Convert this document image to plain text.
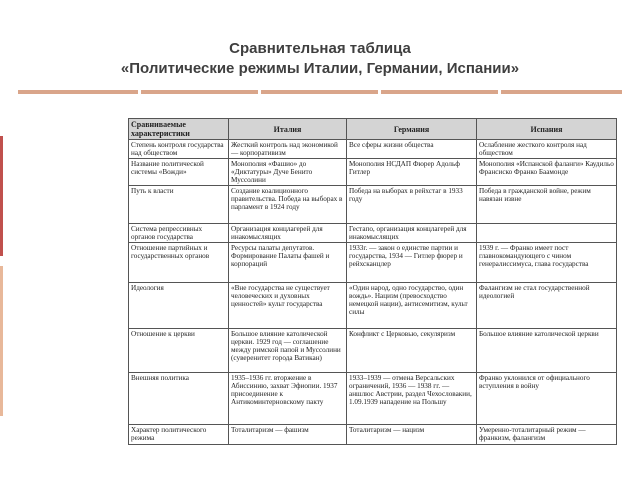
Сравнительная таблица
«Политические режимы Италии, Германии, Испании»
Сравниваемые характеристики	Италия	Германия	Испания
Степень контроля государства над обществом	Жесткий контроль над экономикой — корпоративизм	Все сферы жизни общества	Ослабление жесткого контроля над обществом
Название политической системы «Вожди»	Монополия «Фашио» до «Диктатуры» Дуче Бенито Муссолини	Монополия НСДАП Фюрер Адольф Гитлер	Монополия «Испанской фаланги» Каудильо Франсиско Франко Баамонде
Путь к власти	Создание коалиционного правительства. Победа на выборах в парламент в 1924 году	Победа на выборах в рейхстаг в 1933 году	Победа в гражданской войне, режим навязан извне
Система репрессивных органов государства	Организация концлагерей для инакомыслящих	Гестапо, организация концлагерей для инакомыслящих	
Отношение партийных и государственных органов	Ресурсы палаты депутатов. Формирование Палаты фашей и корпораций	1933г. — закон о единстве партии и государства, 1934 — Гитлер фюрер и рейхсканцлер	1939 г. — Франко имеет пост главнокомандующего с чином генералиссимуса, глава государства
Идеология	«Вне государства не существует человеческих и духовных ценностей» культ государства	«Один народ, одно государство, один вождь». Нацизм (превосходство немецкой нации), антисемитизм, культ силы	Фалангизм не стал государственной идеологией
Отношение к церкви	Большое влияние католической церкви. 1929 год — соглашение между римской папой и Муссолини (суверенитет города Ватикан)	Конфликт с Церковью, секуляризм	Большое влияние католической церкви
Внешняя политика	1935–1936 гг. вторжение в Абиссинию, захват Эфиопии. 1937 присоединение к Антикоминтерновскому пакту	1933–1939 — отмена Версальских ограничений, 1936 — 1938 гг. — аншлюс Австрии, раздел Чехословакии, 1.09.1939 нападение на Польшу	Франко уклонился от официального вступления в войну
Характер политического режима	Тоталитаризм — фашизм	Тоталитаризм — нацизм	Умеренно-тоталитарный режим — франкизм, фалангизм
